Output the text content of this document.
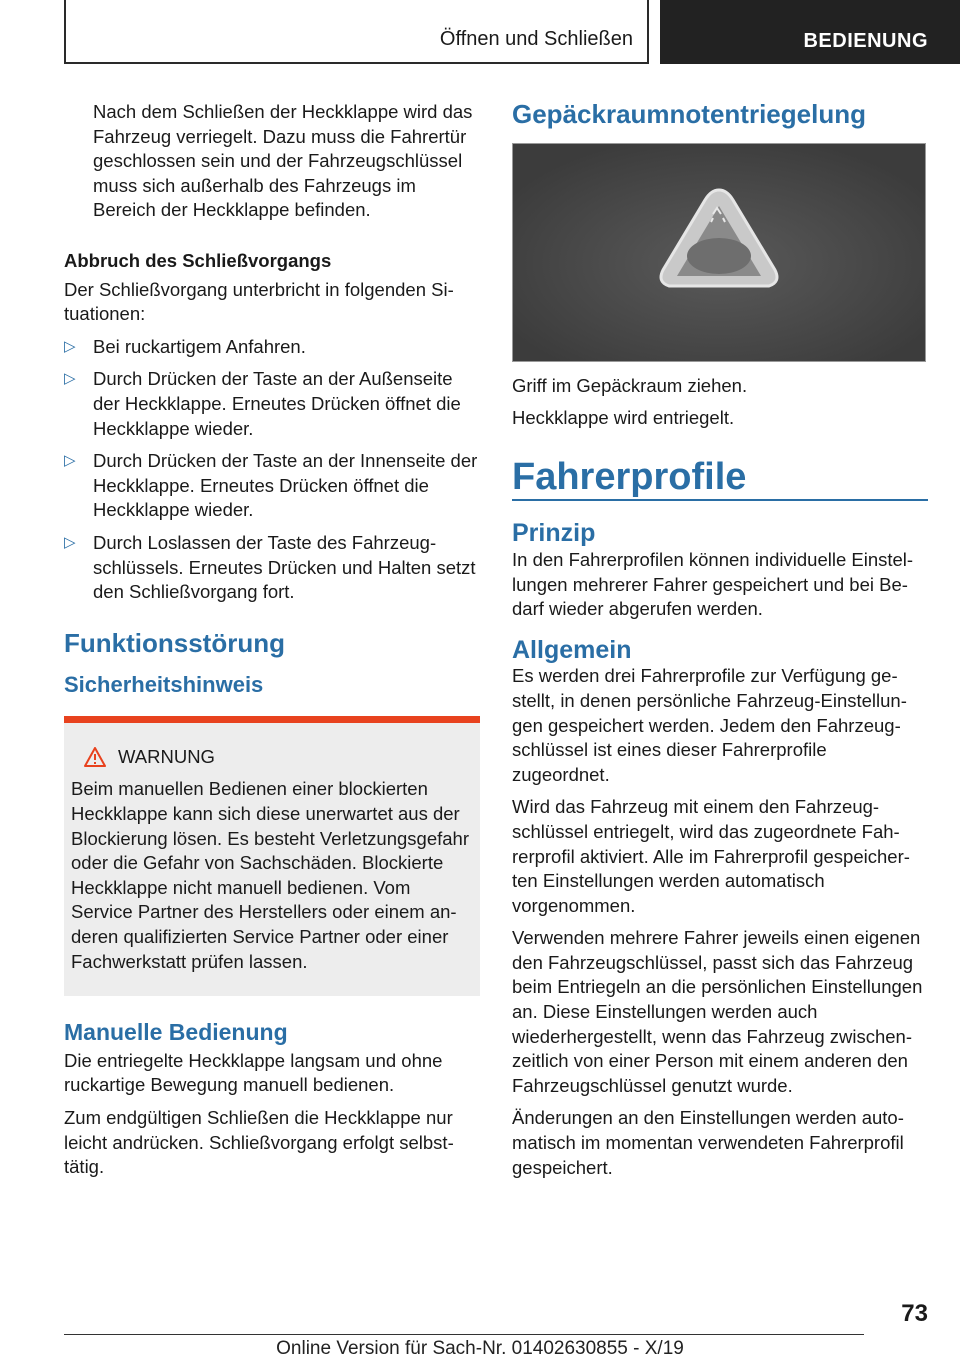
Öffnen und Schließen	BEDIENUNG

Nach dem Schließen der Heckklappe wird das Fahrzeug verriegelt. Dazu muss die Fahrertür geschlossen sein und der Fahrzeugschlüssel muss sich außerhalb des Fahrzeugs im Bereich der Heckklappe befinden.

Abbruch des Schließvorgangs

Der Schließvorgang unterbricht in folgenden Situationen:

▷ Bei ruckartigem Anfahren.
▷ Durch Drücken der Taste an der Außenseite der Heckklappe. Erneutes Drücken öffnet die Heckklappe wieder.
▷ Durch Drücken der Taste an der Innenseite der Heckklappe. Erneutes Drücken öffnet die Heckklappe wieder.
▷ Durch Loslassen der Taste des Fahrzeugschlüssels. Erneutes Drücken und Halten setzt den Schließvorgang fort.
Funktionsstörung
Sicherheitshinweis
WARNUNG

Beim manuellen Bedienen einer blockierten Heckklappe kann sich diese unerwartet aus der Blockierung lösen. Es besteht Verletzungsgefahr oder die Gefahr von Sachschäden. Blockierte Heckklappe nicht manuell bedienen. Vom Service Partner des Herstellers oder einem anderen qualifizierten Service Partner oder einer Fachwerkstatt prüfen lassen.

Manuelle Bedienung

Die entriegelte Heckklappe langsam und ohne ruckartige Bewegung manuell bedienen.

Zum endgültigen Schließen die Heckklappe nur leicht andrücken. Schließvorgang erfolgt selbsttätig.

Gepäckraumnotentriegelung

Griff im Gepäckraum ziehen.

Heckklappe wird entriegelt.

Fahrerprofile
Prinzip

In den Fahrerprofilen können individuelle Einstellungen mehrerer Fahrer gespeichert und bei Bedarf wieder abgerufen werden.

Allgemein

Es werden drei Fahrerprofile zur Verfügung gestellt, in denen persönliche Fahrzeug-Einstellungen gespeichert werden. Jedem den Fahrzeugschlüssel ist eines dieser Fahrerprofile zugeordnet.

Wird das Fahrzeug mit einem den Fahrzeugschlüssel entriegelt, wird das zugeordnete Fahrerprofil aktiviert. Alle im Fahrerprofil gespeicherten Einstellungen werden automatisch vorgenommen.

Verwenden mehrere Fahrer jeweils einen eigenen den Fahrzeugschlüssel, passt sich das Fahrzeug beim Entriegeln an die persönlichen Einstellungen an. Diese Einstellungen werden auch wiederhergestellt, wenn das Fahrzeug zwischenzeitlich von einer Person mit einem anderen den Fahrzeugschlüssel genutzt wurde.

Änderungen an den Einstellungen werden automatisch im momentan verwendeten Fahrerprofil gespeichert.

73
Online Version für Sach-Nr. 01402630855 - X/19
